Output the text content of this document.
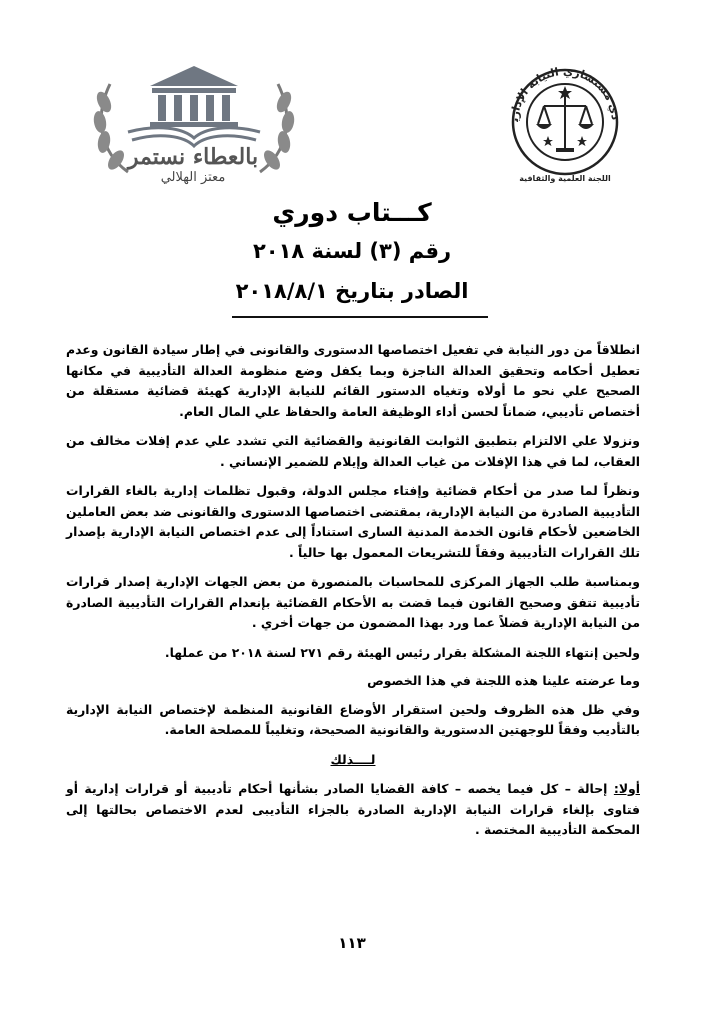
بالعطاء نستمر
معتز الهلالي
دي مستشاري النيابة الإدارية
اللجنة العلمية والثقافية
كـــتاب دوري
رقم (٣) لسنة ٢٠١٨
الصادر بتاريخ ٢٠١٨/٨/١

انطلاقاً من دور النيابة في تفعيل اختصاصها الدستورى والقانونى في إطار سيادة القانون وعدم تعطيل أحكامه وتحقيق العدالة الناجزة وبما يكفل وضع منظومة العدالة التأديبية في مكانها الصحيح علي نحو ما أولاه وتغياه الدستور القائم للنيابة الإدارية كهيئة قضائية مستقلة من أختصاص تأديبي، ضماناً لحسن أداء الوظيفة العامة والحفاظ علي المال العام.

ونزولا علي الالتزام بتطبيق الثوابت القانونية والقضائية التي تشدد علي عدم إفلات مخالف من العقاب، لما في هذا الإفلات من غياب العدالة وإيلام للضمير الإنساني .

ونظراً لما صدر من أحكام قضائية وإفتاء مجلس الدولة، وقبول تظلمات إدارية بالغاء القرارات التأديبية الصادرة من النيابة الإدارية، بمقتضى اختصاصها الدستورى والقانونى ضد بعض العاملين الخاضعين لأحكام قانون الخدمة المدنية السارى استناداً إلى عدم اختصاص النيابة الإدارية بإصدار تلك القرارات التأديبية وفقاً للتشريعات المعمول بها حالياً .

وبمناسبة طلب الجهاز المركزى للمحاسبات بالمنصورة من بعض الجهات الإدارية إصدار قرارات تأديبية تتفق وصحيح القانون فيما قضت به الأحكام القضائية بإنعدام القرارات التأديبية الصادرة من النيابة الإدارية فضلاً عما ورد بهذا المضمون من جهات أخري .

ولحين إنتهاء اللجنة المشكلة بقرار رئيس الهيئة رقم ٢٧١ لسنة ٢٠١٨ من عملها.

وما عرضته علينا هذه اللجنة في هذا الخصوص

وفي ظل هذه الظروف ولحين استقرار الأوضاع القانونية المنظمة لإختصاص النيابة الإدارية بالتأديب وفقاً للوجهتين الدستورية والقانونية الصحيحة، وتغليباً للمصلحة العامة.

لــــذلك

أولا: إحالة – كل فيما يخصه – كافة القضايا الصادر بشأنها أحكام تأديبية أو قرارات إدارية أو فتاوى بإلغاء قرارات النيابة الإدارية الصادرة بالجزاء التأديبى لعدم الاختصاص بحالتها إلى المحكمة التأديبية المختصة .

١١٣
